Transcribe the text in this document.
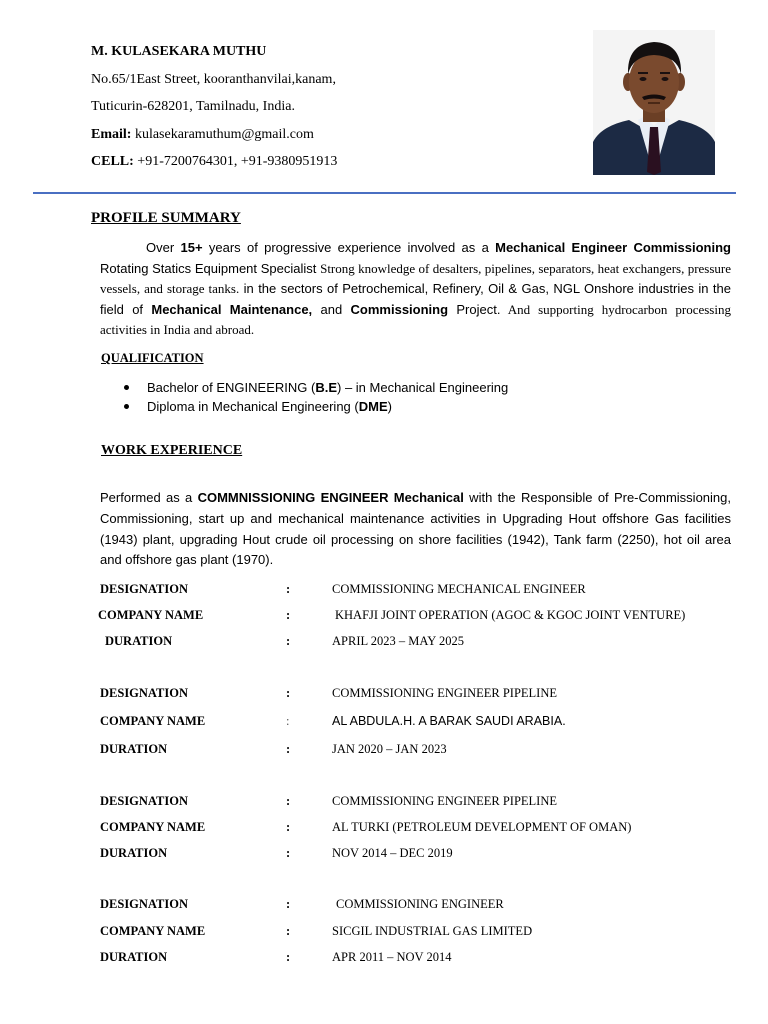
M. KULASEKARA MUTHU
No.65/1East Street, kooranthanvilai,kanam,
Tuticurin-628201, Tamilnadu, India.
Email: kulasekaramuthum@gmail.com
CELL: +91-7200764301, +91-9380951913
PROFILE SUMMARY
Over 15+ years of progressive experience involved as a Mechanical Engineer Commissioning Rotating Statics Equipment Specialist Strong knowledge of desalters, pipelines, separators, heat exchangers, pressure vessels, and storage tanks. in the sectors of Petrochemical, Refinery, Oil & Gas, NGL Onshore industries in the field of Mechanical Maintenance, and Commissioning Project. And supporting hydrocarbon processing activities in India and abroad.
QUALIFICATION
Bachelor of ENGINEERING (B.E) – in Mechanical Engineering
Diploma in Mechanical Engineering (DME)
WORK EXPERIENCE
Performed as a COMMNISSIONING ENGINEER Mechanical with the Responsible of Pre-Commissioning, Commissioning, start up and mechanical maintenance activities in Upgrading Hout offshore Gas facilities (1943) plant, upgrading Hout crude oil processing on shore facilities (1942), Tank farm (2250), hot oil area and offshore gas plant (1970).
DESIGNATION	:	COMMISSIONING MECHANICAL ENGINEER
COMPANY NAME	:	KHAFJI JOINT OPERATION (AGOC & KGOC JOINT VENTURE)
DURATION	:	APRIL 2023 – MAY 2025
DESIGNATION	:	COMMISSIONING ENGINEER PIPELINE
COMPANY NAME	:	AL ABDULA.H. A BARAK SAUDI ARABIA.
DURATION	:	JAN 2020 – JAN 2023
DESIGNATION	:	COMMISSIONING ENGINEER PIPELINE
COMPANY NAME	:	AL TURKI (PETROLEUM DEVELOPMENT OF OMAN)
DURATION	:	NOV 2014 – DEC 2019
DESIGNATION	:	COMMISSIONING ENGINEER
COMPANY NAME	:	SICGIL INDUSTRIAL GAS LIMITED
DURATION	:	APR 2011 – NOV 2014
